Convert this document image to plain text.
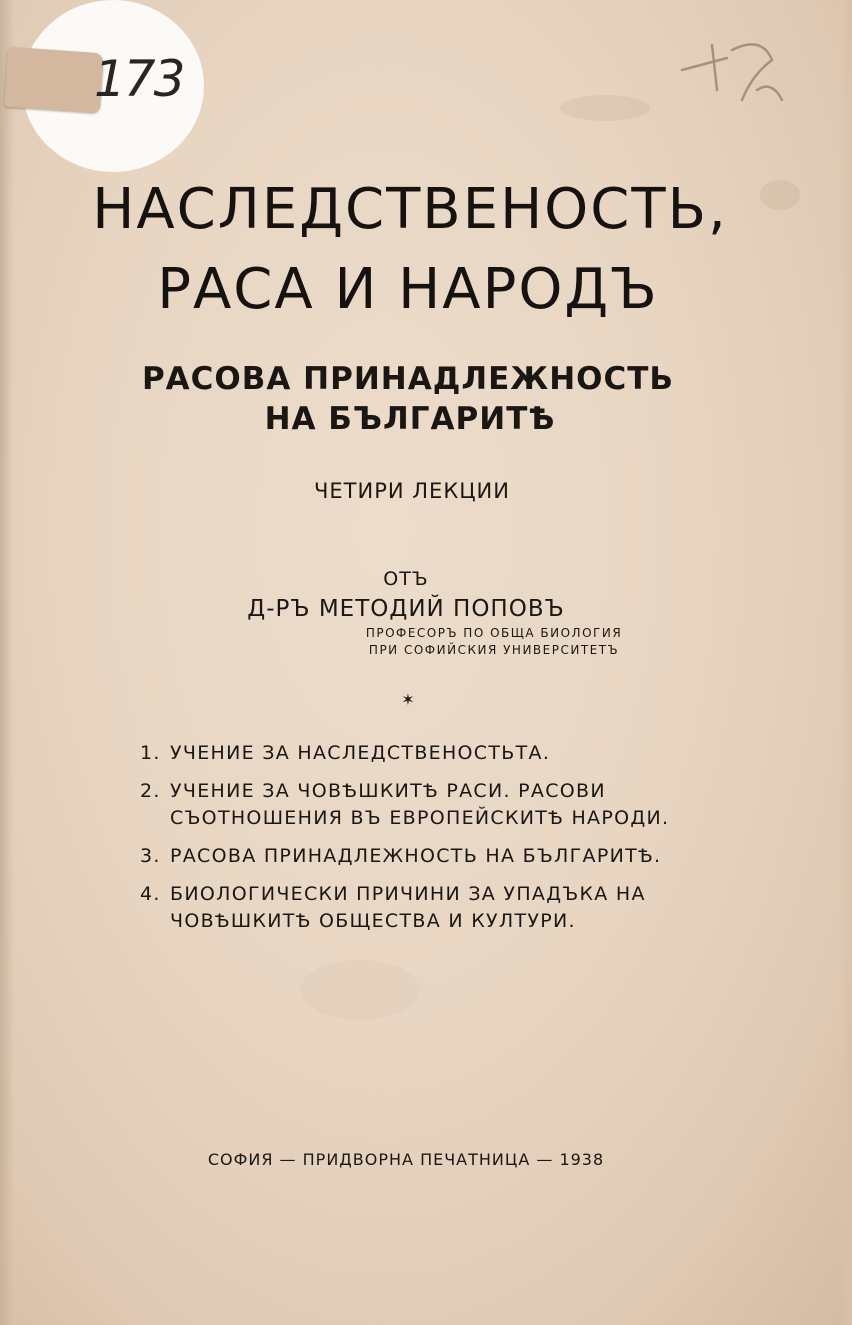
173
НАСЛЕДСТВЕНОСТЬ,
РАСА И НАРОДЪ
РАСОВА ПРИНАДЛЕЖНОСТЬ
НА БЪЛГАРИТѢ

ЧЕТИРИ ЛЕКЦИИ

ОТЪ

Д-РЪ МЕТОДИЙ ПОПОВЪ

ПРОФЕСОРЪ ПО ОБЩА БИОЛОГИЯ
ПРИ СОФИЙСКИЯ УНИВЕРСИТЕТЪ

✶

1. УЧЕНИЕ ЗА НАСЛЕДСТВЕНОСТЬТА.
2. УЧЕНИЕ ЗА ЧОВѢШКИТѢ РАСИ. РАСОВИ
СЪОТНОШЕНИЯ ВЪ ЕВРОПЕЙСКИТѢ НАРОДИ.
3. РАСОВА ПРИНАДЛЕЖНОСТЬ НА БЪЛГАРИТѢ.
4. БИОЛОГИЧЕСКИ ПРИЧИНИ ЗА УПАДЪКА НА
ЧОВѢШКИТѢ ОБЩЕСТВА И КУЛТУРИ.

СОФИЯ — ПРИДВОРНА ПЕЧАТНИЦА — 1938
